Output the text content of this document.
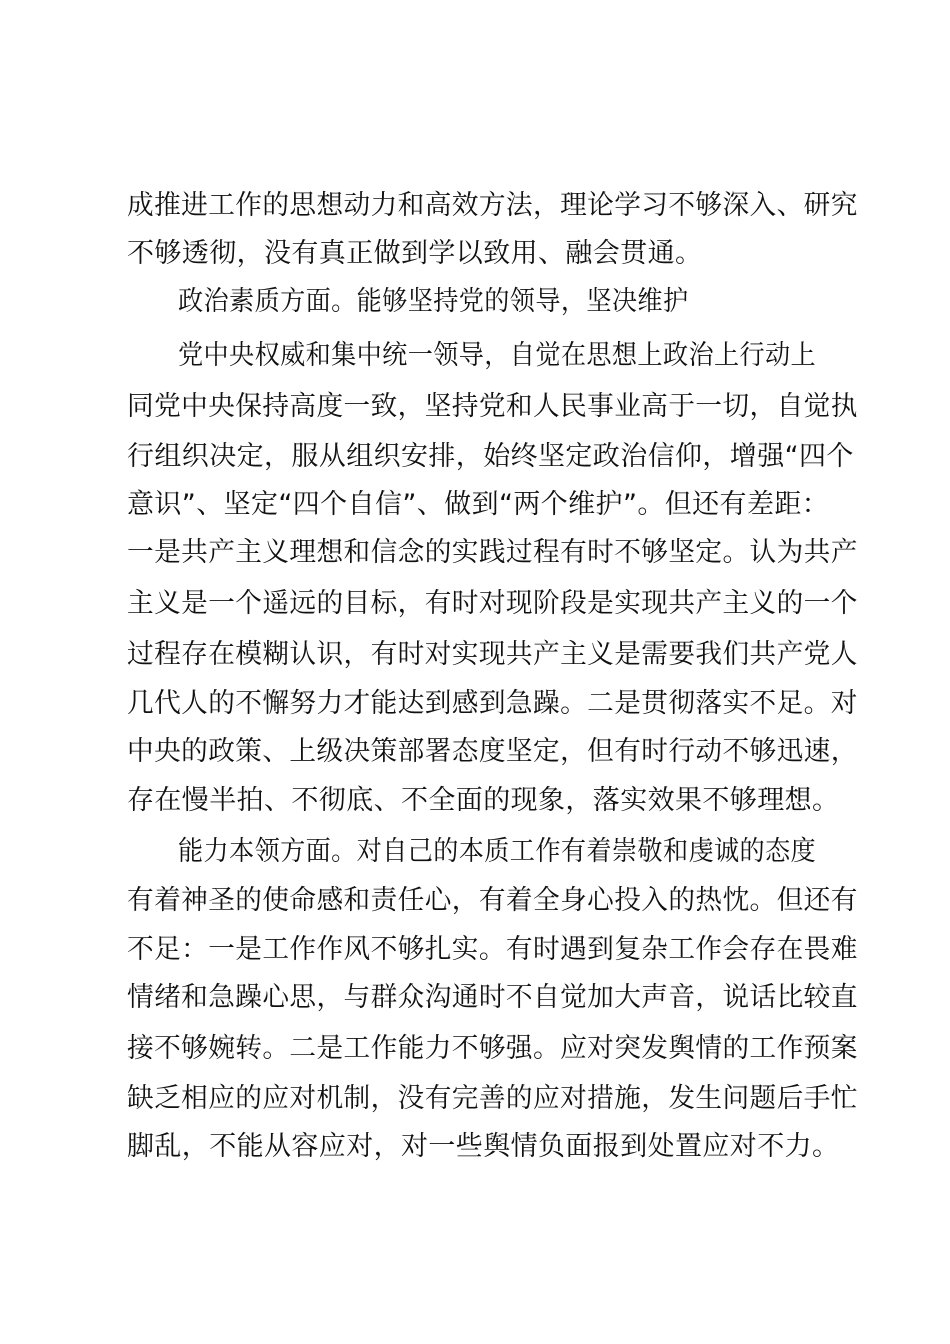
成推进工作的思想动力和高效方法，理论学习不够深入、研究
不够透彻，没有真正做到学以致用、融会贯通。
政治素质方面。能够坚持党的领导，坚决维护
党中央权威和集中统一领导，自觉在思想上政治上行动上
同党中央保持高度一致，坚持党和人民事业高于一切，自觉执
行组织决定，服从组织安排，始终坚定政治信仰，增强“四个
意识”、坚定“四个自信”、做到“两个维护”。但还有差距：
一是共产主义理想和信念的实践过程有时不够坚定。认为共产
主义是一个遥远的目标，有时对现阶段是实现共产主义的一个
过程存在模糊认识，有时对实现共产主义是需要我们共产党人
几代人的不懈努力才能达到感到急躁。二是贯彻落实不足。对
中央的政策、上级决策部署态度坚定，但有时行动不够迅速，
存在慢半拍、不彻底、不全面的现象，落实效果不够理想。
能力本领方面。对自己的本质工作有着崇敬和虔诚的态度
有着神圣的使命感和责任心，有着全身心投入的热忱。但还有
不足：一是工作作风不够扎实。有时遇到复杂工作会存在畏难
情绪和急躁心思，与群众沟通时不自觉加大声音，说话比较直
接不够婉转。二是工作能力不够强。应对突发舆情的工作预案
缺乏相应的应对机制，没有完善的应对措施，发生问题后手忙
脚乱，不能从容应对，对一些舆情负面报到处置应对不力。
